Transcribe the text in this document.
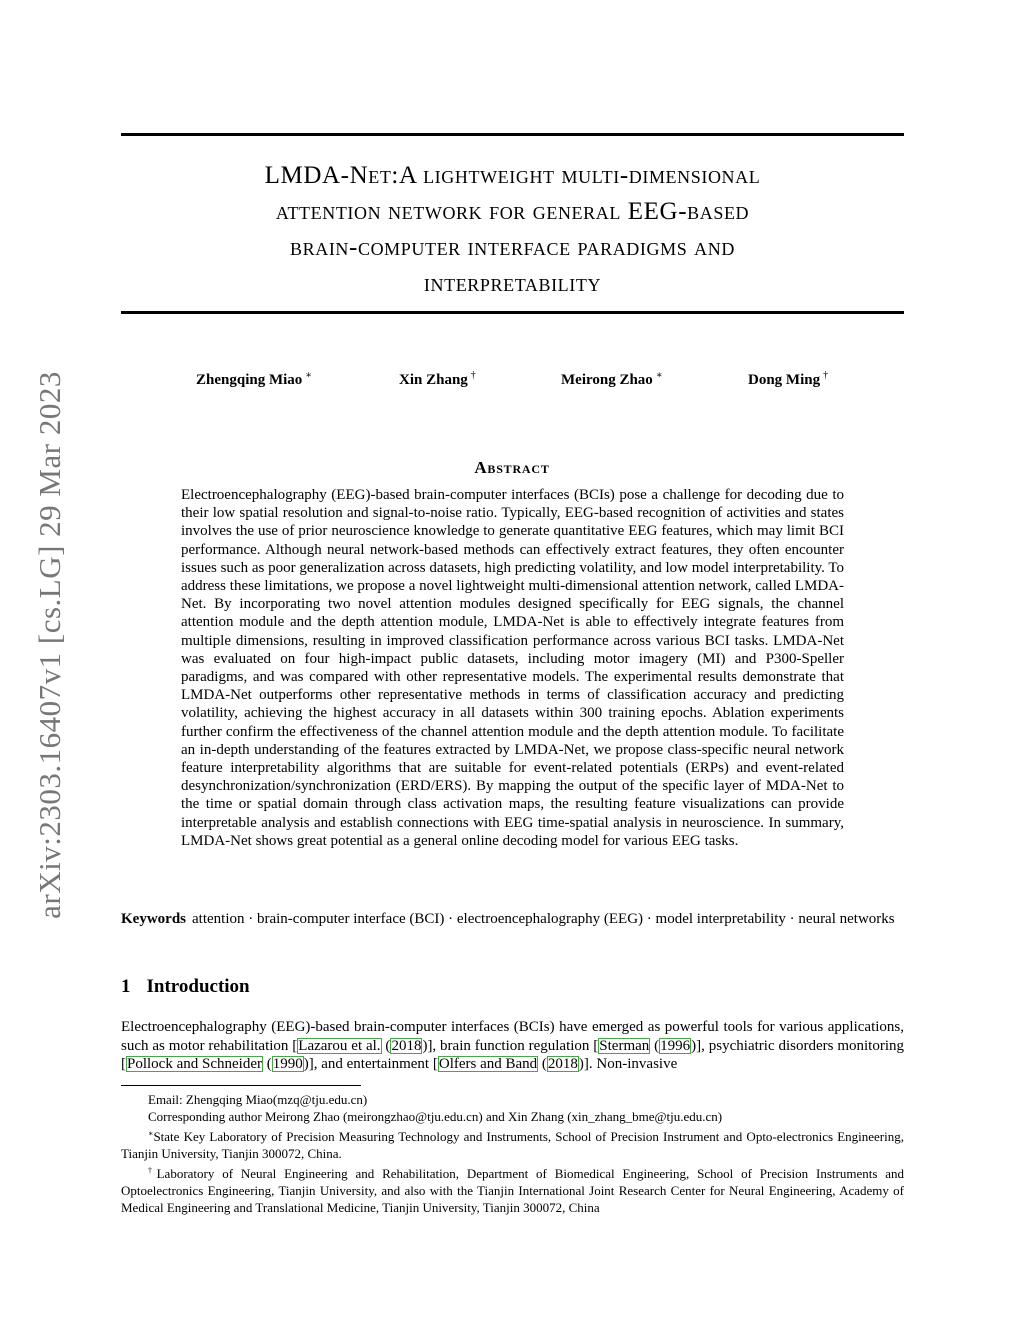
arXiv:2303.16407v1 [cs.LG] 29 Mar 2023
LMDA-Net:A lightweight multi-dimensional
attention network for general EEG-based
brain-computer interface paradigms and
interpretability
Zhengqing Miao ∗	Xin Zhang †	Meirong Zhao ∗	Dong Ming †
Abstract
Electroencephalography (EEG)-based brain-computer interfaces (BCIs) pose a challenge for decoding due to their low spatial resolution and signal-to-noise ratio. Typically, EEG-based recognition of activities and states involves the use of prior neuroscience knowledge to generate quantitative EEG features, which may limit BCI performance. Although neural network-based methods can effectively extract features, they often encounter issues such as poor generalization across datasets, high predicting volatility, and low model interpretability. To address these limitations, we propose a novel lightweight multi-dimensional attention network, called LMDA-Net. By incorporating two novel attention modules designed specifically for EEG signals, the channel attention module and the depth attention module, LMDA-Net is able to effectively integrate features from multiple dimensions, resulting in improved classification performance across various BCI tasks. LMDA-Net was evaluated on four high-impact public datasets, including motor imagery (MI) and P300-Speller paradigms, and was compared with other representative models. The experimental results demonstrate that LMDA-Net outperforms other representative methods in terms of classification accuracy and predicting volatility, achieving the highest accuracy in all datasets within 300 training epochs. Ablation experiments further confirm the effectiveness of the channel attention module and the depth attention module. To facilitate an in-depth understanding of the features extracted by LMDA-Net, we propose class-specific neural network feature interpretability algorithms that are suitable for event-related potentials (ERPs) and event-related desynchronization/synchronization (ERD/ERS). By mapping the output of the specific layer of MDA-Net to the time or spatial domain through class activation maps, the resulting feature visualizations can provide interpretable analysis and establish connections with EEG time-spatial analysis in neuroscience. In summary, LMDA-Net shows great potential as a general online decoding model for various EEG tasks.
Keywords attention · brain-computer interface (BCI) · electroencephalography (EEG) · model interpretability · neural networks
1 Introduction
Electroencephalography (EEG)-based brain-computer interfaces (BCIs) have emerged as powerful tools for various applications, such as motor rehabilitation [Lazarou et al. (2018)], brain function regulation [Sterman (1996)], psychiatric disorders monitoring [Pollock and Schneider (1990)], and entertainment [Olfers and Band (2018)]. Non-invasive

Email: Zhengqing Miao(mzq@tju.edu.cn)

Corresponding author Meirong Zhao (meirongzhao@tju.edu.cn) and Xin Zhang (xin_zhang_bme@tju.edu.cn)

∗State Key Laboratory of Precision Measuring Technology and Instruments, School of Precision Instrument and Opto-electronics Engineering, Tianjin University, Tianjin 300072, China.

†Laboratory of Neural Engineering and Rehabilitation, Department of Biomedical Engineering, School of Precision Instruments and Optoelectronics Engineering, Tianjin University, and also with the Tianjin International Joint Research Center for Neural Engineering, Academy of Medical Engineering and Translational Medicine, Tianjin University, Tianjin 300072, China
